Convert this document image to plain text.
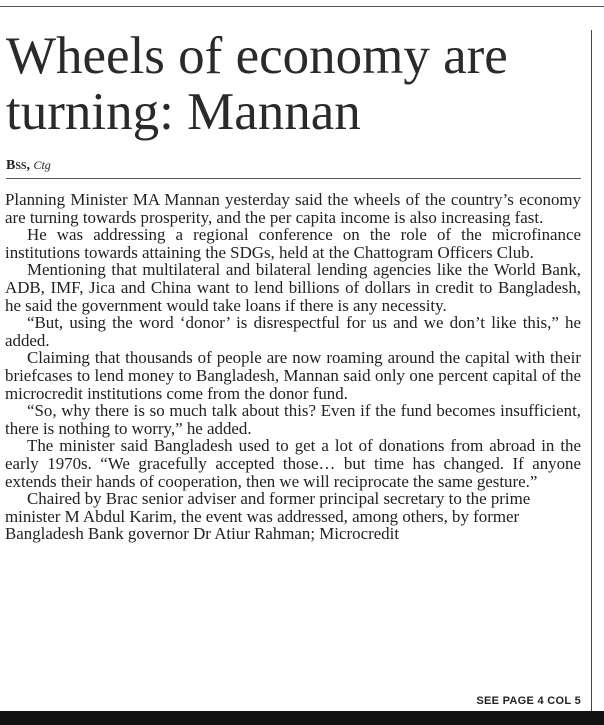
Wheels of economy are turning: Mannan
Bss, Ctg

Planning Minister MA Mannan yesterday said the wheels of the country’s economy are turning towards prosperity, and the per capita income is also increasing fast.

He was addressing a regional conference on the role of the microfinance institutions towards attaining the SDGs, held at the Chattogram Officers Club.

Mentioning that multilateral and bilateral lending agencies like the World Bank, ADB, IMF, Jica and China want to lend billions of dollars in credit to Bangladesh, he said the government would take loans if there is any necessity.

“But, using the word ‘donor’ is disrespectful for us and we don’t like this,” he added.

Claiming that thousands of people are now roaming around the capital with their briefcases to lend money to Bangladesh, Mannan said only one percent capital of the microcredit institutions come from the donor fund.

“So, why there is so much talk about this? Even if the fund becomes insufficient, there is nothing to worry,” he added.

The minister said Bangladesh used to get a lot of donations from abroad in the early 1970s. “We gracefully accepted those… but time has changed. If anyone extends their hands of cooperation, then we will reciprocate the same gesture.”

Chaired by Brac senior adviser and former principal secretary to the prime minister M Abdul Karim, the event was addressed, among others, by former Bangladesh Bank governor Dr Atiur Rahman; Microcredit

SEE PAGE 4 COL 5
